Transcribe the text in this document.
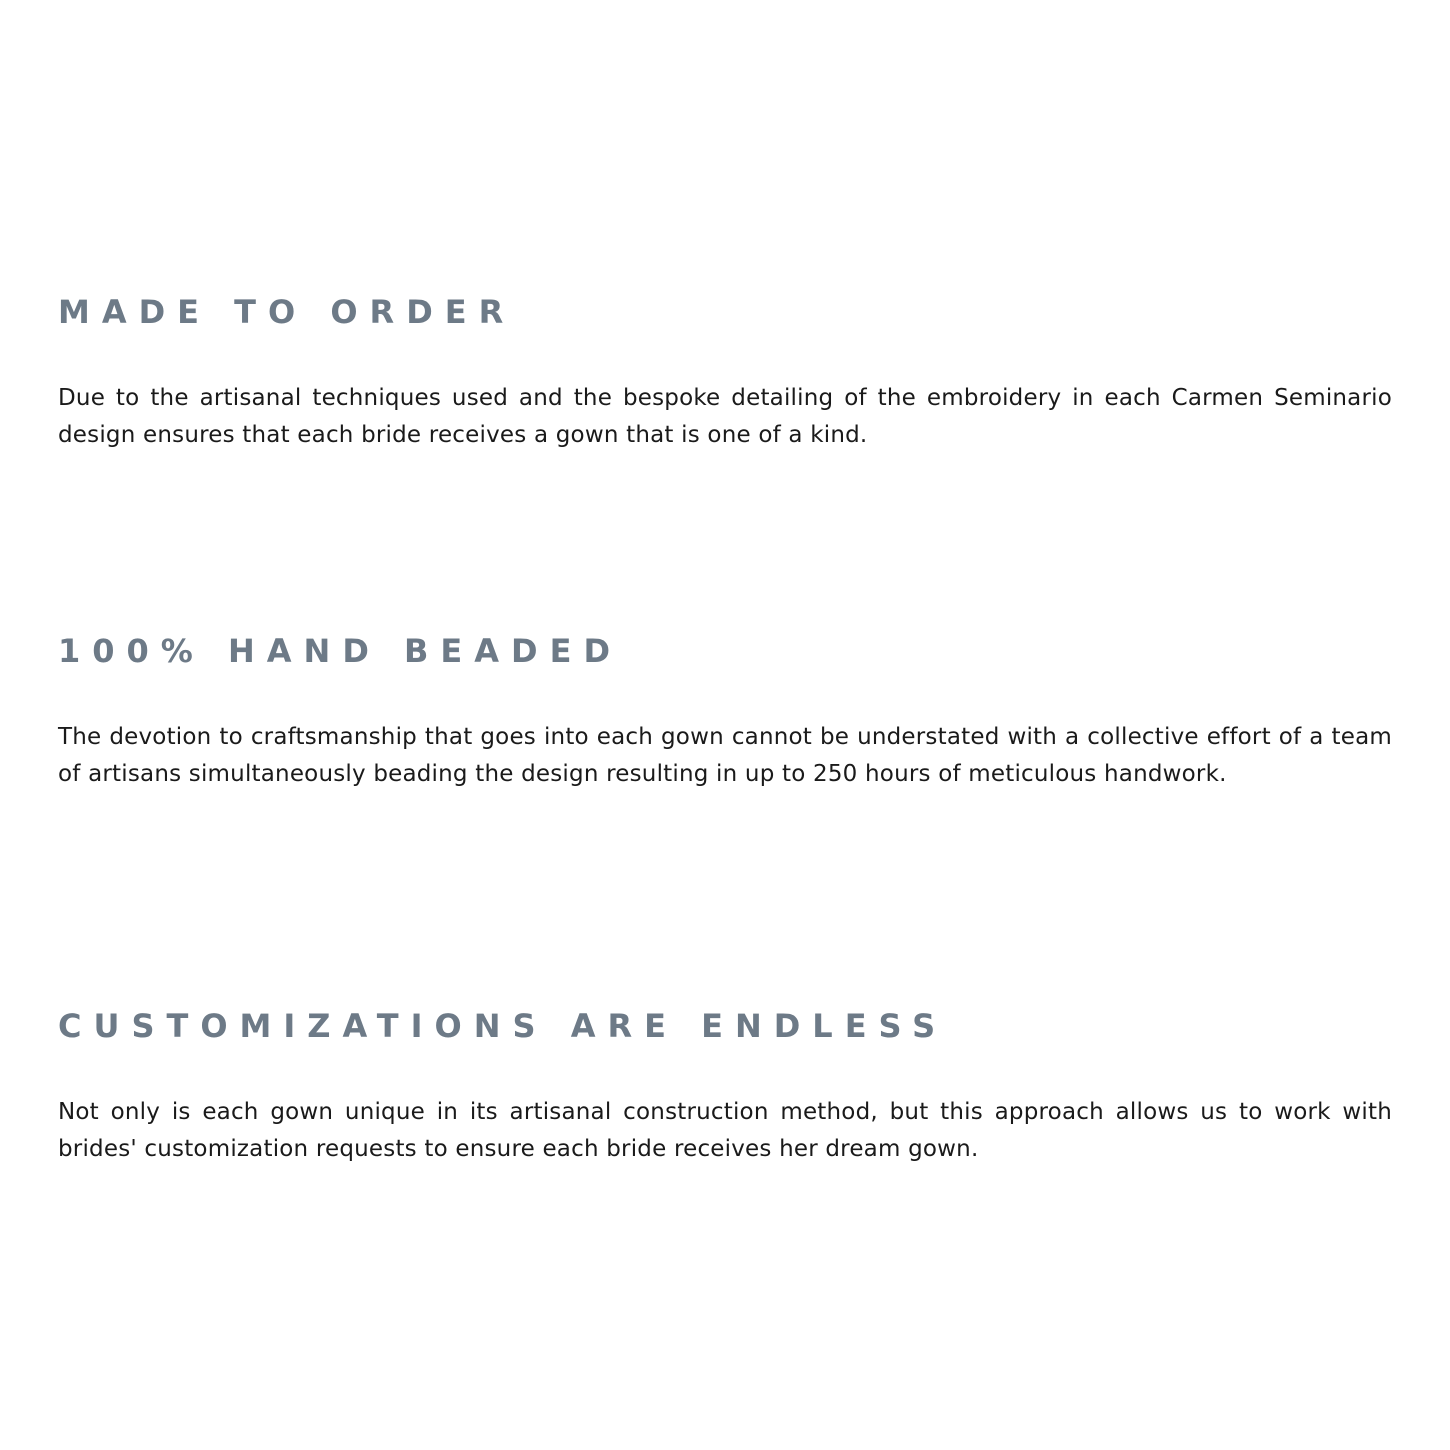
MADE TO ORDER

Due to the artisanal techniques used and the bespoke detailing of the embroidery in each Carmen Seminario design ensures that each bride receives a gown that is one of a kind.

100% HAND BEADED

The devotion to craftsmanship that goes into each gown cannot be understated with a collective effort of a team of artisans simultaneously beading the design resulting in up to 250 hours of meticulous handwork.

CUSTOMIZATIONS ARE ENDLESS

Not only is each gown unique in its artisanal construction method, but this approach allows us to work with brides' customization requests to ensure each bride receives her dream gown.
